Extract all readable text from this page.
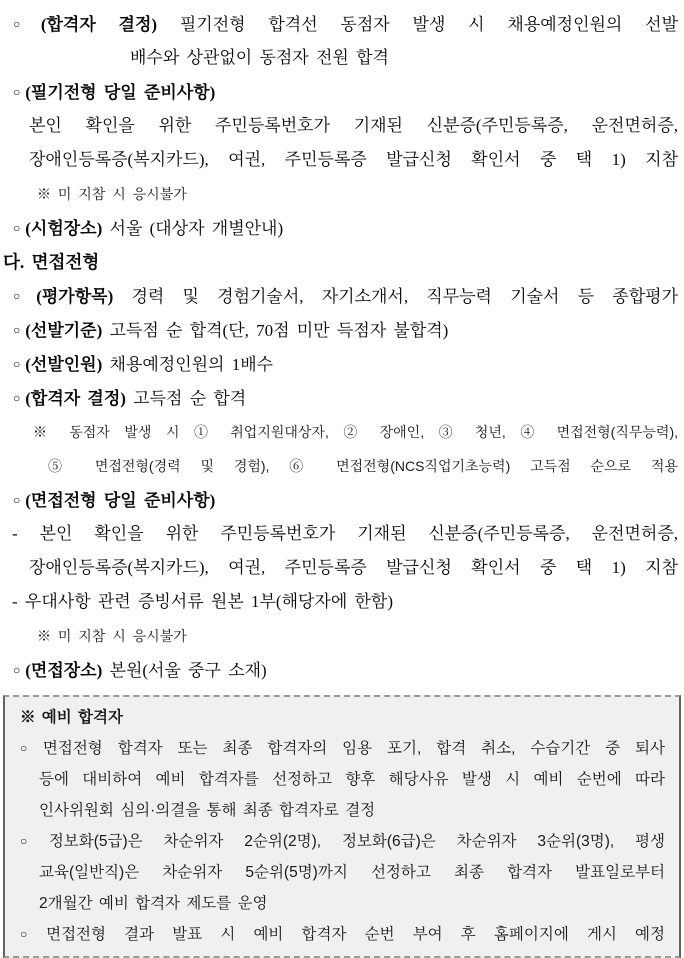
○ (합격자 결정) 필기전형 합격선 동점자 발생 시 채용예정인원의 선발
배수와 상관없이 동점자 전원 합격
○ (필기전형 당일 준비사항)
본인 확인을 위한 주민등록번호가 기재된 신분증(주민등록증, 운전면허증,
장애인등록증(복지카드), 여권, 주민등록증 발급신청 확인서 중 택 1) 지참
※ 미 지참 시 응시불가
○ (시험장소) 서울 (대상자 개별안내)
다. 면접전형
○ (평가항목) 경력 및 경험기술서, 자기소개서, 직무능력 기술서 등 종합평가
○ (선발기준) 고득점 순 합격(단, 70점 미만 득점자 불합격)
○ (선발인원) 채용예정인원의 1배수
○ (합격자 결정) 고득점 순 합격
※ 동점자 발생 시 ① 취업지원대상자, ② 장애인, ③ 청년, ④ 면접전형(직무능력),
⑤ 면접전형(경력 및 경험), ⑥ 면접전형(NCS직업기초능력) 고득점 순으로 적용
○ (면접전형 당일 준비사항)
- 본인 확인을 위한 주민등록번호가 기재된 신분증(주민등록증, 운전면허증,
장애인등록증(복지카드), 여권, 주민등록증 발급신청 확인서 중 택 1) 지참
- 우대사항 관련 증빙서류 원본 1부(해당자에 한함)
※ 미 지참 시 응시불가
○ (면접장소) 본원(서울 중구 소재)
※ 예비 합격자
○ 면접전형 합격자 또는 최종 합격자의 임용 포기, 합격 취소, 수습기간 중 퇴사
등에 대비하여 예비 합격자를 선정하고 향후 해당사유 발생 시 예비 순번에 따라
인사위원회 심의·의결을 통해 최종 합격자로 결정
○ 정보화(5급)은 차순위자 2순위(2명), 정보화(6급)은 차순위자 3순위(3명), 평생
교육(일반직)은 차순위자 5순위(5명)까지 선정하고 최종 합격자 발표일로부터
2개월간 예비 합격자 제도를 운영
○ 면접전형 결과 발표 시 예비 합격자 순번 부여 후 홈페이지에 게시 예정
